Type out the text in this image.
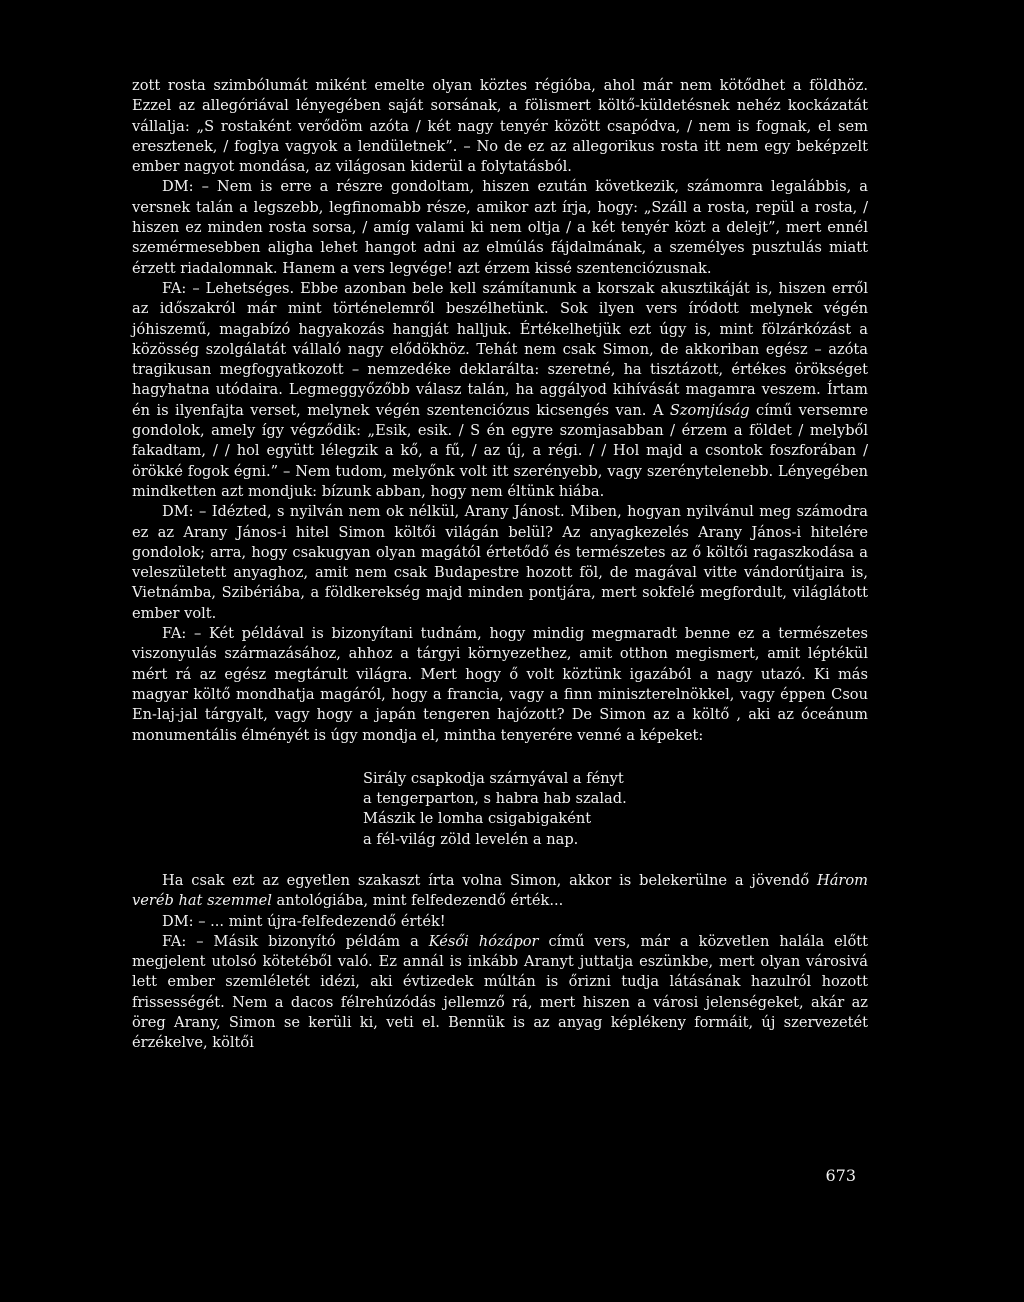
zott rosta szimbólumát miként emelte olyan köztes régióba, ahol már nem kötődhet a földhöz. Ezzel az allegóriával lényegében saját sorsának, a fölismert költő-küldetésnek nehéz kockázatát vállalja: „S rostaként verődöm azóta / két nagy tenyér között csapódva, / nem is fognak, el sem eresztenek, / foglya vagyok a lendületnek”. – No de ez az allegorikus rosta itt nem egy beképzelt ember nagyot mondása, az világosan kiderül a folytatásból.

DM: – Nem is erre a részre gondoltam, hiszen ezután következik, számomra legalábbis, a versnek talán a legszebb, legfinomabb része, amikor azt írja, hogy: „Száll a rosta, repül a rosta, / hiszen ez minden rosta sorsa, / amíg valami ki nem oltja / a két tenyér közt a delejt”, mert ennél szemérmesebben aligha lehet hangot adni az elmúlás fájdalmának, a személyes pusztulás miatt érzett riadalomnak. Hanem a vers legvége! azt érzem kissé szentenciózusnak.

FA: – Lehetséges. Ebbe azonban bele kell számítanunk a korszak akusztikáját is, hiszen erről az időszakról már mint történelemről beszélhetünk. Sok ilyen vers íródott melynek végén jóhiszemű, magabízó hagyakozás hangját halljuk. Értékelhetjük ezt úgy is, mint fölzárkózást a közösség szolgálatát vállaló nagy elődökhöz. Tehát nem csak Simon, de akkoriban egész – azóta tragikusan megfogyatkozott – nemzedéke deklarálta: szeretné, ha tisztázott, értékes örökséget hagyhatna utódaira. Legmeggyőzőbb válasz talán, ha aggályod kihívását magamra veszem. Írtam én is ilyenfajta verset, melynek végén szentenciózus kicsengés van. A Szomjúság című versemre gondolok, amely így végződik: „Esik, esik. / S én egyre szomjasabban / érzem a földet / melyből fakadtam, / / hol együtt lélegzik a kő, a fű, / az új, a régi. / / Hol majd a csontok foszforában / örökké fogok égni.” – Nem tudom, melyőnk volt itt szerényebb, vagy szerénytelenebb. Lényegében mindketten azt mondjuk: bízunk abban, hogy nem éltünk hiába.

DM: – Idézted, s nyilván nem ok nélkül, Arany Jánost. Miben, hogyan nyilvánul meg számodra ez az Arany János-i hitel Simon költői világán belül? Az anyagkezelés Arany János-i hitelére gondolok; arra, hogy csakugyan olyan magától értetődő és természetes az ő költői ragaszkodása a veleszületett anyaghoz, amit nem csak Budapestre hozott föl, de magával vitte vándorútjaira is, Vietnámba, Szibériába, a földkerekség majd minden pontjára, mert sokfelé megfordult, világlátott ember volt.

FA: – Két példával is bizonyítani tudnám, hogy mindig megmaradt benne ez a természetes viszonyulás származásához, ahhoz a tárgyi környezethez, amit otthon megismert, amit léptékül mért rá az egész megtárult világra. Mert hogy ő volt köztünk igazából a nagy utazó. Ki más magyar költő mondhatja magáról, hogy a francia, vagy a finn miniszterelnökkel, vagy éppen Csou En-laj-jal tárgyalt, vagy hogy a japán tengeren hajózott? De Simon az a költő , aki az óceánum monumentális élményét is úgy mondja el, mintha tenyerére venné a képeket:

Sirály csapkodja szárnyával a fényt
a tengerparton, s habra hab szalad.
Mászik le lomha csigabigaként
a fél-világ zöld levelén a nap.

Ha csak ezt az egyetlen szakaszt írta volna Simon, akkor is belekerülne a jövendő Három veréb hat szemmel antológiába, mint felfedezendő érték...

DM: – ... mint újra-felfedezendő érték!

FA: – Másik bizonyító példám a Késői hózápor című vers, már a közvetlen halála előtt megjelent utolsó kötetéből való. Ez annál is inkább Aranyt juttatja eszünkbe, mert olyan városivá lett ember szemléletét idézi, aki évtizedek múltán is őrizni tudja látásának hazulról hozott frissességét. Nem a dacos félrehúzódás jellemző rá, mert hiszen a városi jelenségeket, akár az öreg Arany, Simon se kerüli ki, veti el. Bennük is az anyag képlékeny formáit, új szervezetét érzékelve, költői

673
